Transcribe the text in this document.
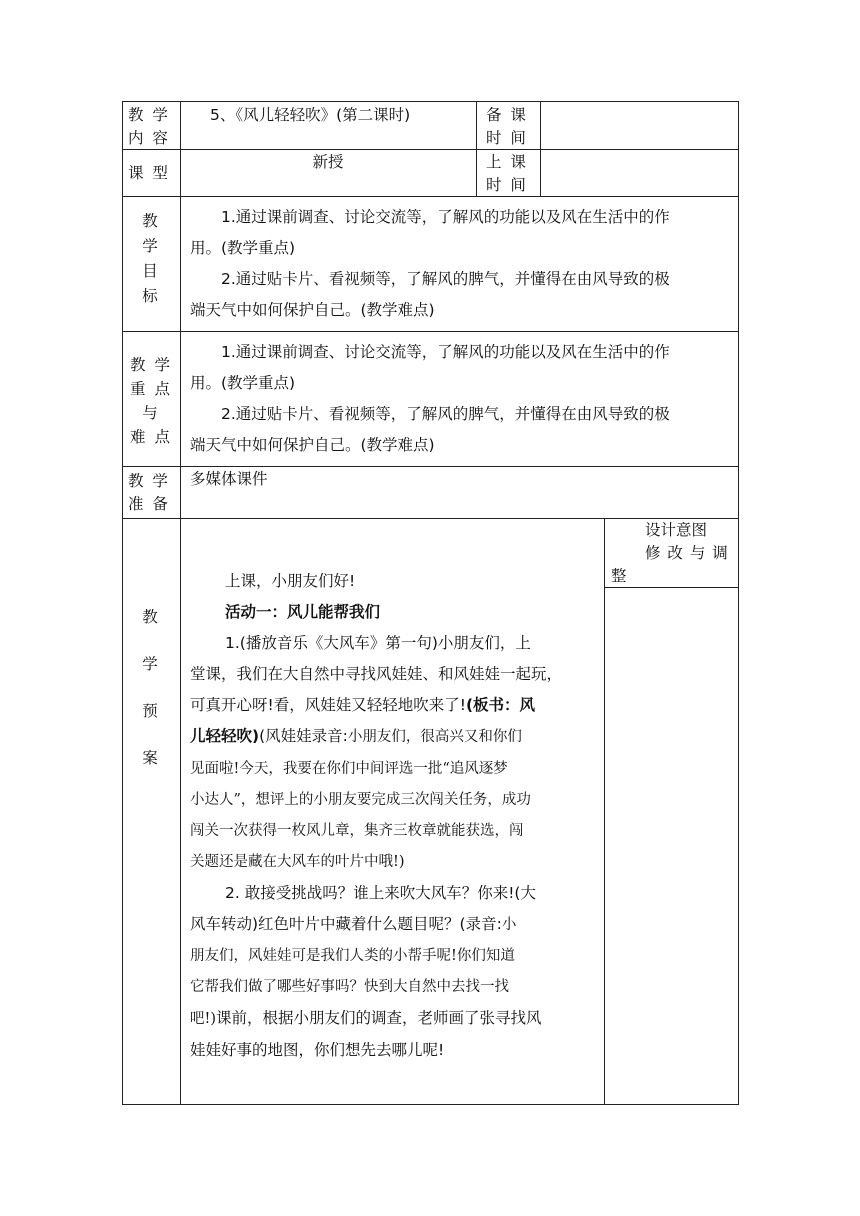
教 学

内 容

5、《风儿轻轻吹》(第二课时)	备 课

时 间

课 型
新授	上 课

时 间

教

学

目

标

1.通过课前调查、讨论交流等，了解风的功能以及风在生活中的作

用。(教学重点)

2.通过贴卡片、看视频等，了解风的脾气，并懂得在由风导致的极

端天气中如何保护自己。(教学难点)

教 学

重 点

与

难 点

1.通过课前调查、讨论交流等，了解风的功能以及风在生活中的作

用。(教学重点)

2.通过贴卡片、看视频等，了解风的脾气，并懂得在由风导致的极

端天气中如何保护自己。(教学难点)

教 学

准 备

多媒体课件

教

学

预

案

设计意图

修 改 与 调

整

上课，小朋友们好!

活动一：风儿能帮我们

1.(播放音乐《大风车》第一句)小朋友们，上

堂课，我们在大自然中寻找风娃娃、和风娃娃一起玩，

可真开心呀!看，风娃娃又轻轻地吹来了!(板书：风

儿轻轻吹)(风娃娃录音:小朋友们，很高兴又和你们

见面啦!今天，我要在你们中间评选一批“追风逐梦

小达人”，想评上的小朋友要完成三次闯关任务，成功

闯关一次获得一枚风儿章，集齐三枚章就能获选，闯

关题还是藏在大风车的叶片中哦!)

2. 敢接受挑战吗？谁上来吹大风车？你来!(大

风车转动)红色叶片中藏着什么题目呢？(录音:小

朋友们，风娃娃可是我们人类的小帮手呢!你们知道

它帮我们做了哪些好事吗？快到大自然中去找一找

吧!)课前，根据小朋友们的调查，老师画了张寻找风

娃娃好事的地图，你们想先去哪儿呢!
